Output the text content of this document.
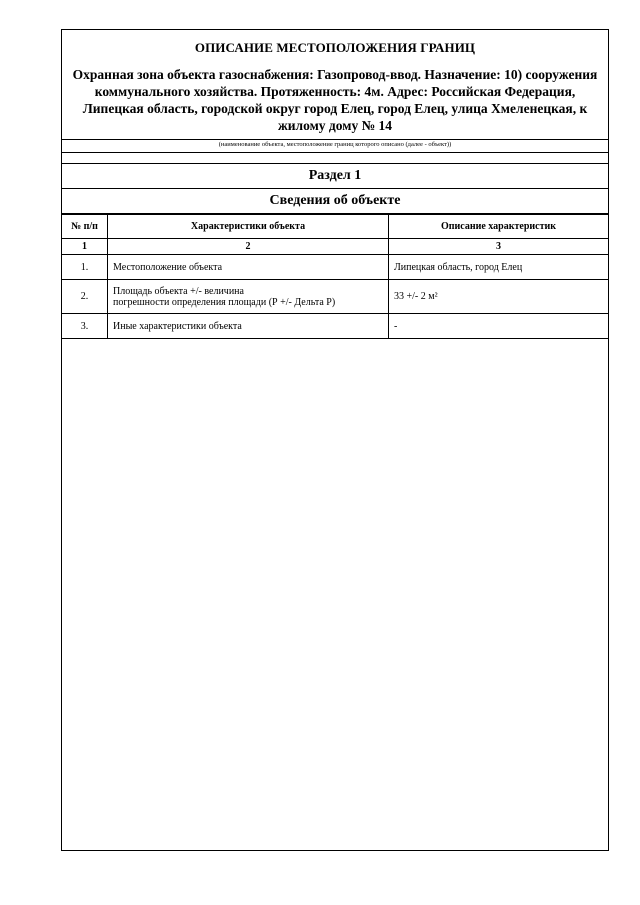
ОПИСАНИЕ МЕСТОПОЛОЖЕНИЯ ГРАНИЦ
Охранная зона объекта газоснабжения: Газопровод-ввод. Назначение: 10) сооружения коммунального хозяйства. Протяженность: 4м. Адрес: Российская Федерация, Липецкая область, городской округ город Елец, город Елец, улица Хмеленецкая, к жилому дому № 14
(наименование объекта, местоположение границ которого описано (далее - объект))
Раздел 1
Сведения об объекте
№ п/п	Характеристики объекта	Описание характеристик
1	2	3
1.	Местоположение объекта	Липецкая область, город Елец
2.	Площадь объекта +/- величина
погрешности определения площади (Р +/- Дельта Р)	33 +/- 2 м²
3.	Иные характеристики объекта	-
